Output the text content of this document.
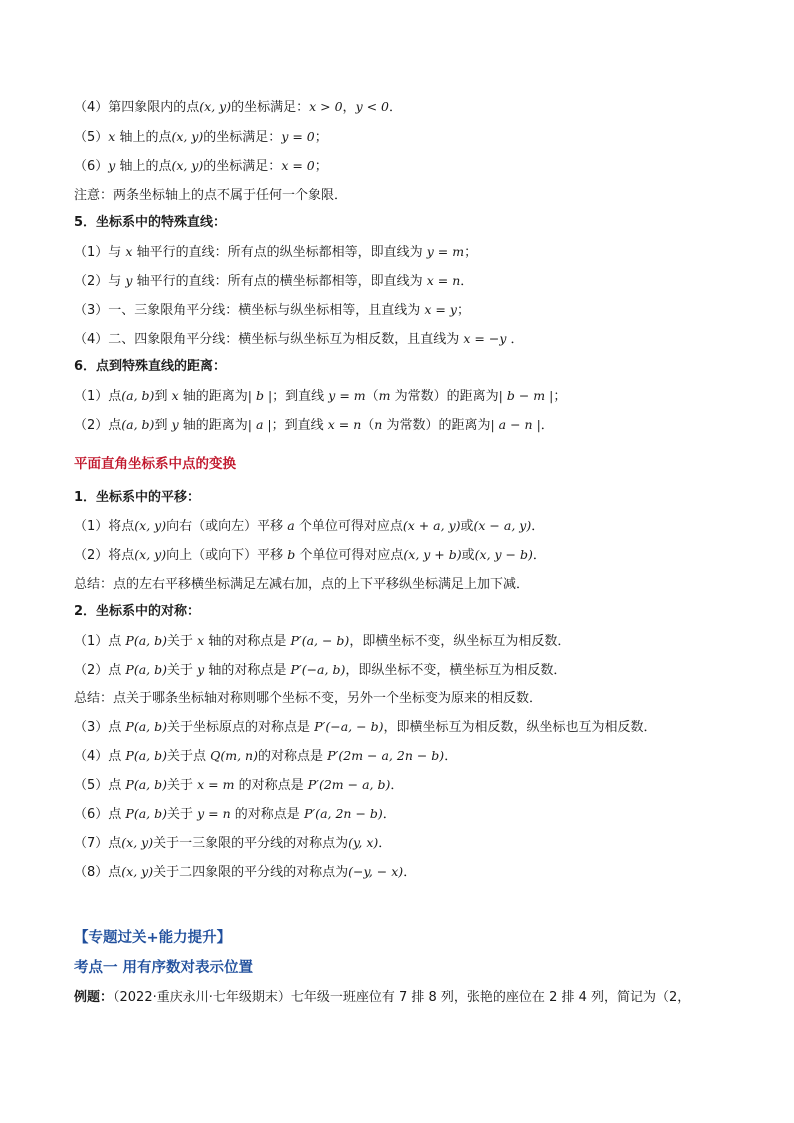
（4）第四象限内的点(x, y)的坐标满足：x > 0，y < 0．
（5）x 轴上的点(x, y)的坐标满足：y = 0；
（6）y 轴上的点(x, y)的坐标满足：x = 0；
注意：两条坐标轴上的点不属于任何一个象限．
5．坐标系中的特殊直线：
（1）与 x 轴平行的直线：所有点的纵坐标都相等，即直线为 y = m；
（2）与 y 轴平行的直线：所有点的横坐标都相等，即直线为 x = n．
（3）一、三象限角平分线：横坐标与纵坐标相等，且直线为 x = y；
（4）二、四象限角平分线：横坐标与纵坐标互为相反数，且直线为 x = −y ．
6．点到特殊直线的距离：
（1）点(a, b)到 x 轴的距离为| b |；到直线 y = m（m 为常数）的距离为| b − m |；
（2）点(a, b)到 y 轴的距离为| a |；到直线 x = n（n 为常数）的距离为| a − n |．
平面直角坐标系中点的变换
1．坐标系中的平移：
（1）将点(x, y)向右（或向左）平移 a 个单位可得对应点(x + a, y)或(x − a, y)．
（2）将点(x, y)向上（或向下）平移 b 个单位可得对应点(x, y + b)或(x, y − b)．
总结：点的左右平移横坐标满足左减右加，点的上下平移纵坐标满足上加下减．
2．坐标系中的对称：
（1）点 P(a, b)关于 x 轴的对称点是 P′(a, − b)，即横坐标不变，纵坐标互为相反数．
（2）点 P(a, b)关于 y 轴的对称点是 P′(−a, b)，即纵坐标不变，横坐标互为相反数．
总结：点关于哪条坐标轴对称则哪个坐标不变，另外一个坐标变为原来的相反数．
（3）点 P(a, b)关于坐标原点的对称点是 P′(−a, − b)，即横坐标互为相反数，纵坐标也互为相反数．
（4）点 P(a, b)关于点 Q(m, n)的对称点是 P′(2m − a, 2n − b)．
（5）点 P(a, b)关于 x = m 的对称点是 P′(2m − a, b)．
（6）点 P(a, b)关于 y = n 的对称点是 P′(a, 2n − b)．
（7）点(x, y)关于一三象限的平分线的对称点为(y, x)．
（8）点(x, y)关于二四象限的平分线的对称点为(−y, − x)．
【专题过关+能力提升】
考点一 用有序数对表示位置
例题：（2022·重庆永川·七年级期末）七年级一班座位有 7 排 8 列，张艳的座位在 2 排 4 列，简记为（2，
